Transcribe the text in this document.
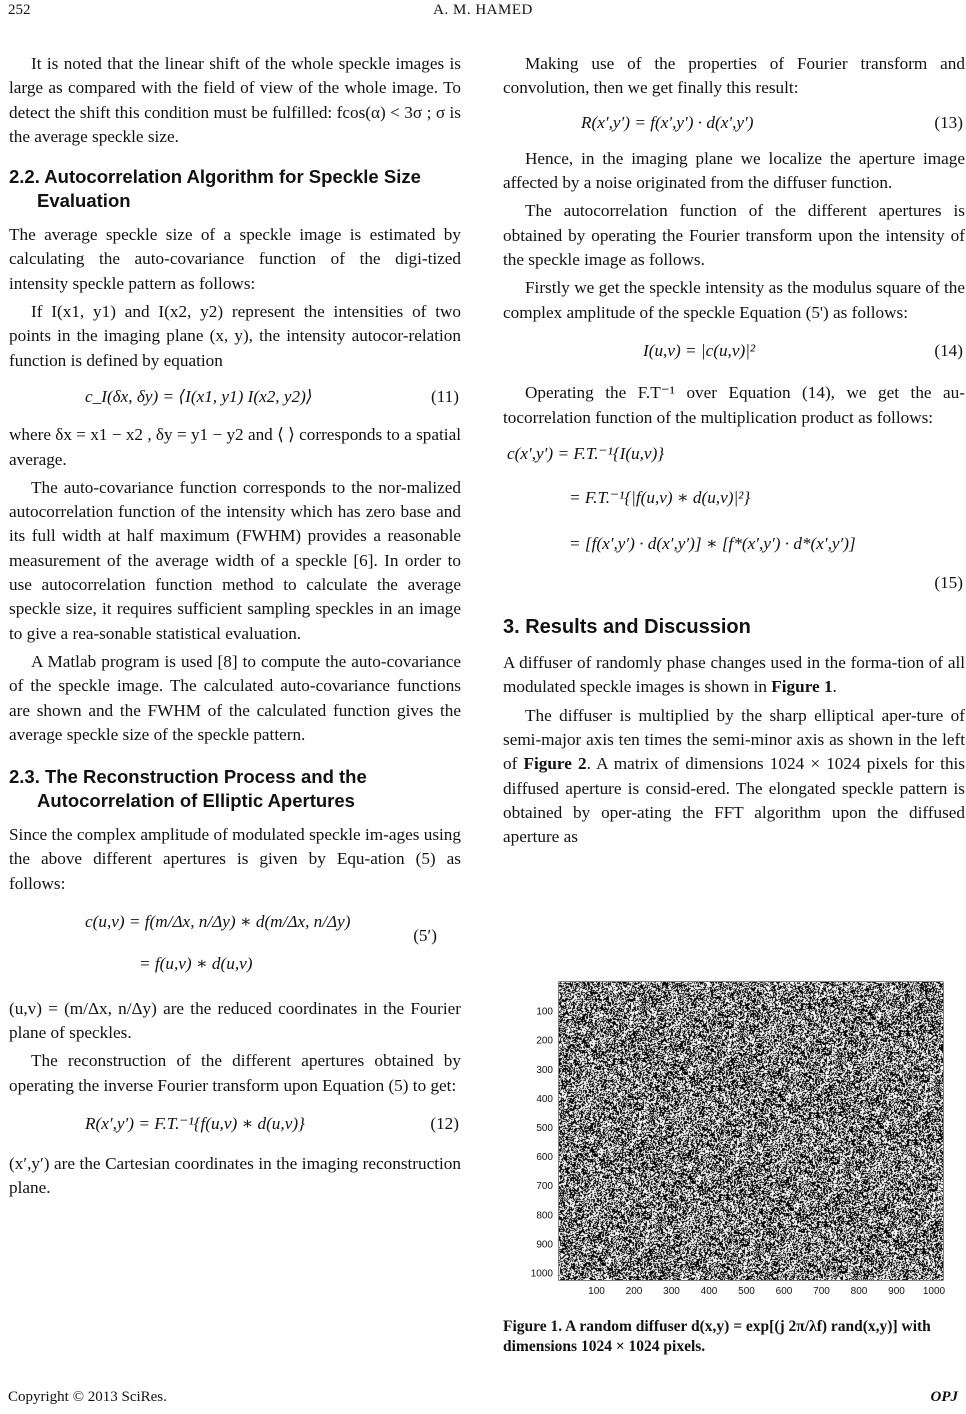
252	A. M. HAMED

It is noted that the linear shift of the whole speckle images is large as compared with the field of view of the whole image. To detect the shift this condition must be fulfilled: fcos(α) < 3σ ; σ is the average speckle size.

2.2. Autocorrelation Algorithm for Speckle Size Evaluation

The average speckle size of a speckle image is estimated by calculating the auto-covariance function of the digi-tized intensity speckle pattern as follows:

If I(x1, y1) and I(x2, y2) represent the intensities of two points in the imaging plane (x, y), the intensity autocor-relation function is defined by equation

c_I(δx, δy) = ⟨I(x1, y1) I(x2, y2)⟩	(11)

where δx = x1 − x2 , δy = y1 − y2 and ⟨ ⟩ corresponds to a spatial average.

The auto-covariance function corresponds to the nor-malized autocorrelation function of the intensity which has zero base and its full width at half maximum (FWHM) provides a reasonable measurement of the average width of a speckle [6]. In order to use autocorrelation function method to calculate the average speckle size, it requires sufficient sampling speckles in an image to give a rea-sonable statistical evaluation.

A Matlab program is used [8] to compute the auto-covariance of the speckle image. The calculated auto-covariance functions are shown and the FWHM of the calculated function gives the average speckle size of the speckle pattern.

2.3. The Reconstruction Process and the Autocorrelation of Elliptic Apertures

Since the complex amplitude of modulated speckle im-ages using the above different apertures is given by Equ-ation (5) as follows:

c(u,v) = f(m/Δx, n/Δy) ∗ d(m/Δx, n/Δy)
= f(u,v) ∗ d(u,v)
(5′)

(u,v) = (m/Δx, n/Δy) are the reduced coordinates in the Fourier plane of speckles.

The reconstruction of the different apertures obtained by operating the inverse Fourier transform upon Equation (5) to get:

R(x′,y′) = F.T.⁻¹{f(u,v) ∗ d(u,v)}	(12)

(x′,y′) are the Cartesian coordinates in the imaging reconstruction plane.

Making use of the properties of Fourier transform and convolution, then we get finally this result:

R(x′,y′) = f(x′,y′) · d(x′,y′)	(13)

Hence, in the imaging plane we localize the aperture image affected by a noise originated from the diffuser function.

The autocorrelation function of the different apertures is obtained by operating the Fourier transform upon the intensity of the speckle image as follows.

Firstly we get the speckle intensity as the modulus square of the complex amplitude of the speckle Equation (5') as follows:

I(u,v) = |c(u,v)|²	(14)

Operating the F.T⁻¹ over Equation (14), we get the au-tocorrelation function of the multiplication product as follows:

c(x′,y′) = F.T.⁻¹{I(u,v)}
= F.T.⁻¹{|f(u,v) ∗ d(u,v)|²}
= [f(x′,y′) · d(x′,y′)] ∗ [f*(x′,y′) · d*(x′,y′)]
(15)
3. Results and Discussion

A diffuser of randomly phase changes used in the forma-tion of all modulated speckle images is shown in Figure 1.

The diffuser is multiplied by the sharp elliptical aper-ture of semi-major axis ten times the semi-minor axis as shown in the left of Figure 2. A matrix of dimensions 1024 × 1024 pixels for this diffused aperture is consid-ered. The elongated speckle pattern is obtained by oper-ating the FFT algorithm upon the diffused aperture as

100
200
300
400
500
600
700
800
900
1000
100 200 300 400 500 600 700 800 900 1000
Figure 1. A random diffuser d(x,y) = exp[(j 2π/λf) rand(x,y)] with dimensions 1024 × 1024 pixels.
Copyright © 2013 SciRes.	OPJ
